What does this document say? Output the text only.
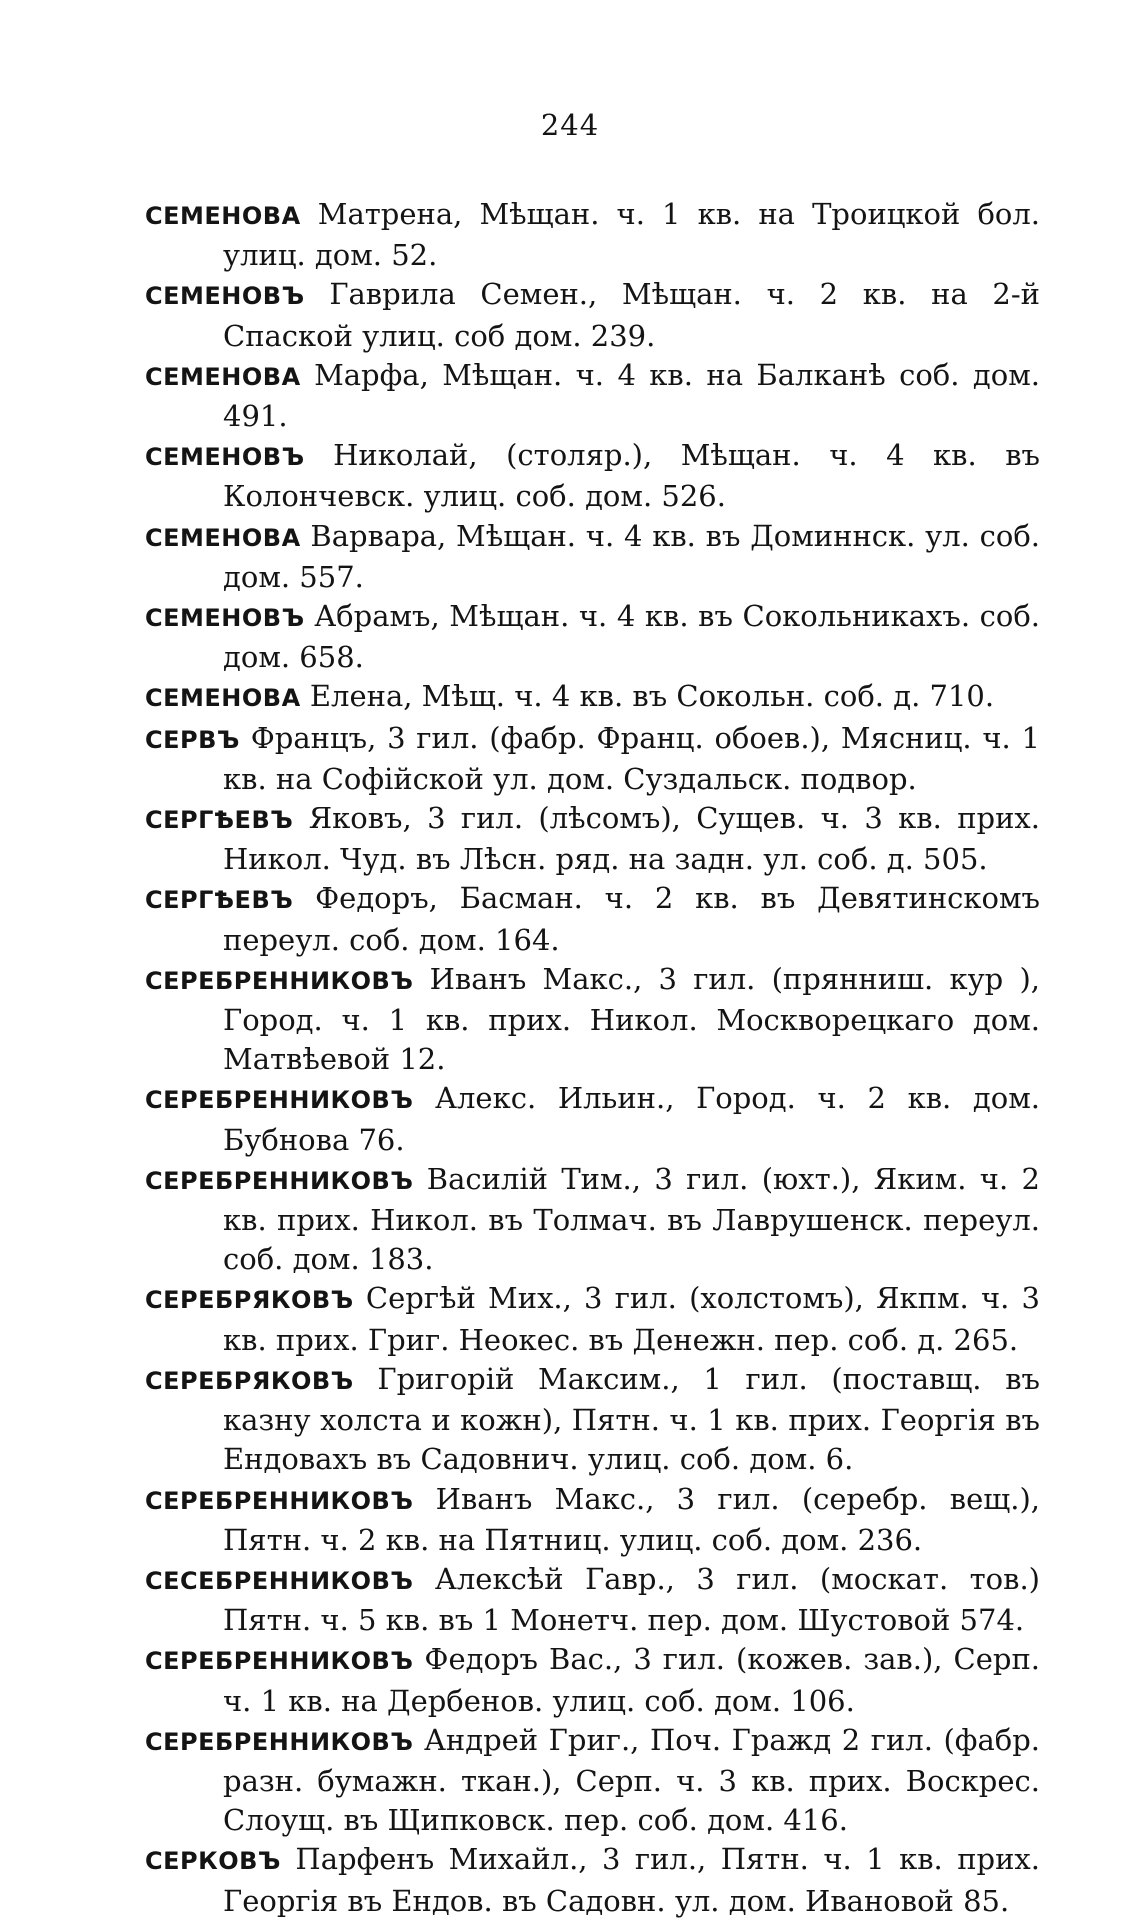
244

СЕМЕНОВА Матрена, Мѣщан. ч. 1 кв. на Троицкой бол. улиц. дом. 52.

СЕМЕНОВЪ Гаврила Семен., Мѣщан. ч. 2 кв. на 2-й Спаской улиц. соб дом. 239.

СЕМЕНОВА Марфа, Мѣщан. ч. 4 кв. на Балканѣ соб. дом. 491.

СЕМЕНОВЪ Николай, (столяр.), Мѣщан. ч. 4 кв. въ Колончевск. улиц. соб. дом. 526.

СЕМЕНОВА Варвара, Мѣщан. ч. 4 кв. въ Доминнск. ул. соб. дом. 557.

СЕМЕНОВЪ Абрамъ, Мѣщан. ч. 4 кв. въ Сокольникахъ. соб. дом. 658.

СЕМЕНОВА Елена, Мѣщ. ч. 4 кв. въ Сокольн. соб. д. 710.

СЕРВЪ Францъ, 3 гил. (фабр. Франц. обоев.), Мясниц. ч. 1 кв. на Софійской ул. дом. Суздальск. подвор.

СЕРГѢЕВЪ Яковъ, 3 гил. (лѣсомъ), Сущев. ч. 3 кв. прих. Никол. Чуд. въ Лѣсн. ряд. на задн. ул. соб. д. 505.

СЕРГѢЕВЪ Федоръ, Басман. ч. 2 кв. въ Девятинскомъ переул. соб. дом. 164.

СЕРЕБРЕННИКОВЪ Иванъ Макс., 3 гил. (прянниш. кур ), Город. ч. 1 кв. прих. Никол. Москворецкаго дом. Матвѣевой 12.

СЕРЕБРЕННИКОВЪ Алекс. Ильин., Город. ч. 2 кв. дом. Бубнова 76.

СЕРЕБРЕННИКОВЪ Василій Тим., 3 гил. (юхт.), Яким. ч. 2 кв. прих. Никол. въ Толмач. въ Лаврушенск. переул. соб. дом. 183.

СЕРЕБРЯКОВЪ Сергѣй Мих., 3 гил. (холстомъ), Якпм. ч. 3 кв. прих. Григ. Неокес. въ Денежн. пер. соб. д. 265.

СЕРЕБРЯКОВЪ Григорій Максим., 1 гил. (поставщ. въ казну холста и кожн), Пятн. ч. 1 кв. прих. Георгія въ Ендовахъ въ Садовнич. улиц. соб. дом. 6.

СЕРЕБРЕННИКОВЪ Иванъ Макс., 3 гил. (серебр. вещ.), Пятн. ч. 2 кв. на Пятниц. улиц. соб. дом. 236.

СЕСЕБРЕННИКОВЪ Алексѣй Гавр., 3 гил. (москат. тов.) Пятн. ч. 5 кв. въ 1 Монетч. пер. дом. Шустовой 574.

СЕРЕБРЕННИКОВЪ Федоръ Вас., 3 гил. (кожев. зав.), Серп. ч. 1 кв. на Дербенов. улиц. соб. дом. 106.

СЕРЕБРЕННИКОВЪ Андрей Григ., Поч. Гражд 2 гил. (фабр. разн. бумажн. ткан.), Серп. ч. 3 кв. прих. Воскрес. Слоущ. въ Щипковск. пер. соб. дом. 416.

СЕРКОВЪ Парфенъ Михайл., 3 гил., Пятн. ч. 1 кв. прих. Георгія въ Ендов. въ Садовн. ул. дом. Ивановой 85.
